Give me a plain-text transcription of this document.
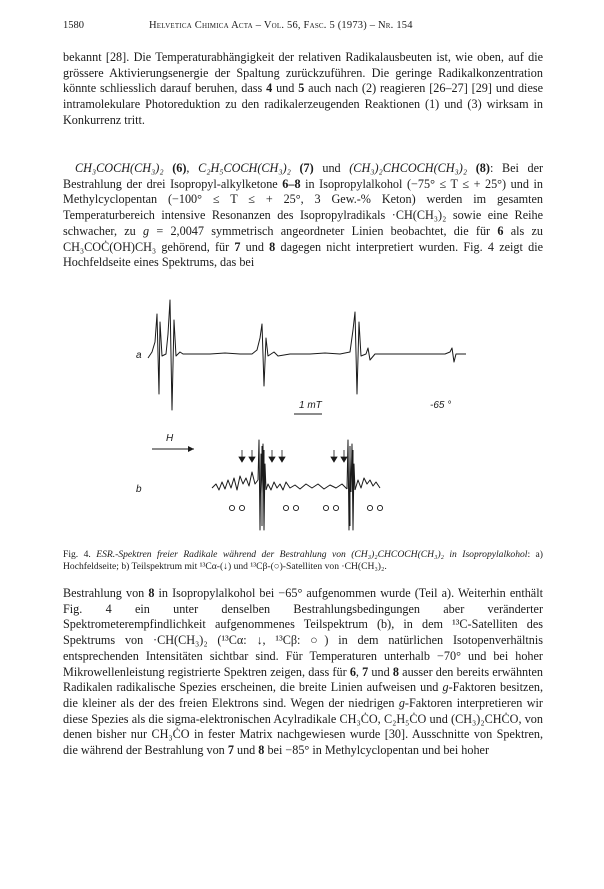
1580	Helvetica Chimica Acta – Vol. 56, Fasc. 5 (1973) – Nr. 154

bekannt [28]. Die Temperaturabhängigkeit der relativen Radikalausbeuten ist, wie oben, auf die grössere Aktivierungsenergie der Spaltung zurückzuführen. Die geringe Radikalkonzentration könnte schliesslich darauf beruhen, dass 4 und 5 auch nach (2) reagieren [26–27] [29] und diese intramolekulare Photoreduktion zu den radikalerzeugenden Reaktionen (1) und (3) wirksam in Konkurrenz tritt.

CH₃COCH(CH₃)₂ (6), C₂H₅COCH(CH₃)₂ (7) und (CH₃)₂CHCOCH(CH₃)₂ (8): Bei der Bestrahlung der drei Isopropyl-alkylketone 6–8 in Isopropylalkohol (−75° ≤ T ≤ + 25°) und in Methylcyclopentan (−100° ≤ T ≤ + 25°, 3 Gew.-% Keton) werden im gesamten Temperaturbereich intensive Resonanzen des Isopropylradikals ·CH(CH₃)₂ sowie eine Reihe schwacher, zu g = 2,0047 symmetrisch angeordneter Linien beobachtet, die für 6 als zu CH₃COĊ(OH)CH₃ gehörend, für 7 und 8 dagegen nicht interpretiert wurden. Fig. 4 zeigt die Hochfeldseite eines Spektrums, das bei

a
1 mT	-65 °
H
b

Fig. 4. ESR.-Spektren freier Radikale während der Bestrahlung von (CH₃)₂CHCOCH(CH₃)₂ in Isopropylalkohol: a) Hochfeldseite; b) Teilspektrum mit ¹³Cα-(↓) und ¹³Cβ-(○)-Satelliten von ·CH(CH₃)₂.

Bestrahlung von 8 in Isopropylalkohol bei −65° aufgenommen wurde (Teil a). Weiterhin enthält Fig. 4 ein unter denselben Bestrahlungsbedingungen aber veränderter Spektrometerempfindlichkeit aufgenommenes Teilspektrum (b), in dem ¹³C-Satelliten des Spektrums von ·CH(CH₃)₂ (¹³Cα: ↓, ¹³Cβ: ○) in dem natürlichen Isotopenverhältnis entsprechenden Intensitäten sichtbar sind. Für Temperaturen unterhalb −70° und bei hoher Mikrowellenleistung registrierte Spektren zeigen, dass für 6, 7 und 8 ausser den bereits erwähnten Radikalen radikalische Spezies erscheinen, die breite Linien aufweisen und g-Faktoren besitzen, die kleiner als der des freien Elektrons sind. Wegen der niedrigen g-Faktoren interpretieren wir diese Spezies als die sigma-elektronischen Acylradikale CH₃ĊO, C₂H₅ĊO und (CH₃)₂CHĊO, von denen bisher nur CH₃ĊO in fester Matrix nachgewiesen wurde [30]. Ausschnitte von Spektren, die während der Bestrahlung von 7 und 8 bei −85° in Methylcyclopentan und bei hoher
